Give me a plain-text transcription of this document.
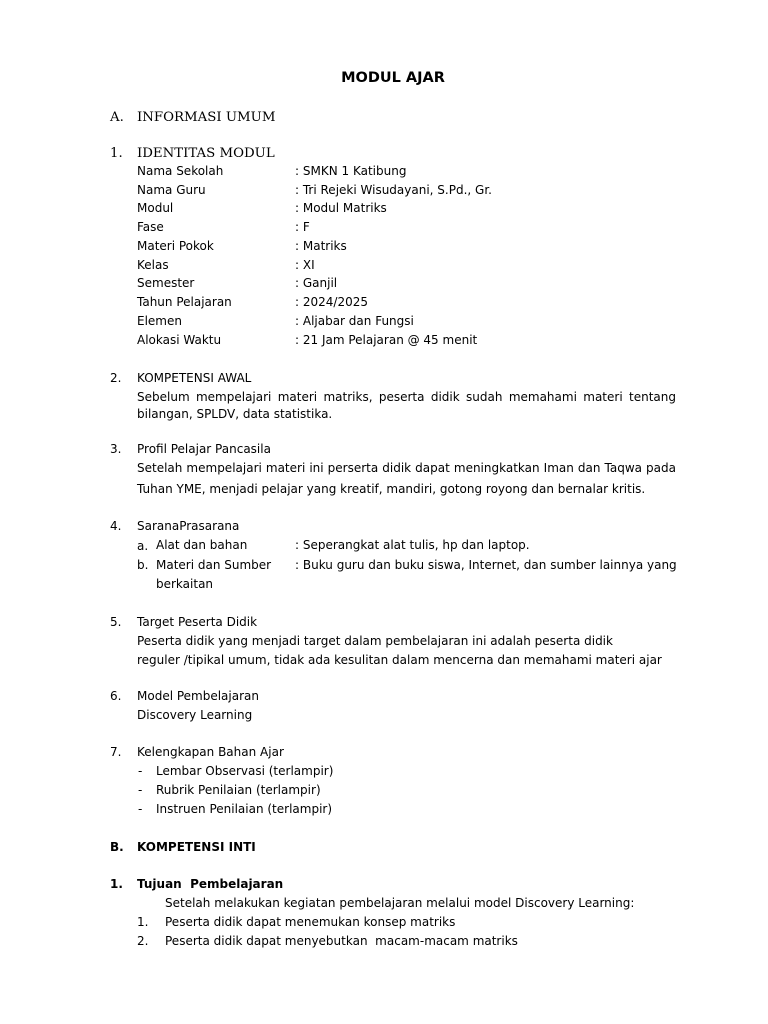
MODUL AJAR
A. INFORMASI UMUM
1. IDENTITAS MODUL
Nama Sekolah	: SMKN 1 Katibung
Nama Guru	: Tri Rejeki Wisudayani, S.Pd., Gr.
Modul	: Modul Matriks
Fase	: F
Materi Pokok	: Matriks
Kelas	: XI
Semester	: Ganjil
Tahun Pelajaran	: 2024/2025
Elemen	: Aljabar dan Fungsi
Alokasi Waktu	: 21 Jam Pelajaran @ 45 menit
2. KOMPETENSI AWAL
Sebelum mempelajari materi matriks, peserta didik sudah memahami materi tentang
bilangan, SPLDV, data statistika.
3. Profil Pelajar Pancasila
Setelah mempelajari materi ini perserta didik dapat meningkatkan Iman dan Taqwa pada
Tuhan YME, menjadi pelajar yang kreatif, mandiri, gotong royong dan bernalar kritis.
4. SaranaPrasarana
a. Alat dan bahan	: Seperangkat alat tulis, hp dan laptop.
b. Materi dan Sumber : Buku guru dan buku siswa, Internet, dan sumber lainnya yang
berkaitan
5. Target Peserta Didik
Peserta didik yang menjadi target dalam pembelajaran ini adalah peserta didik
reguler /tipikal umum, tidak ada kesulitan dalam mencerna dan memahami materi ajar
6. Model Pembelajaran
Discovery Learning
7. Kelengkapan Bahan Ajar
- Lembar Observasi (terlampir)
- Rubrik Penilaian (terlampir)
- Instruen Penilaian (terlampir)
B. KOMPETENSI INTI
1. Tujuan  Pembelajaran
Setelah melakukan kegiatan pembelajaran melalui model Discovery Learning:
1. Peserta didik dapat menemukan konsep matriks
2. Peserta didik dapat menyebutkan  macam-macam matriks
